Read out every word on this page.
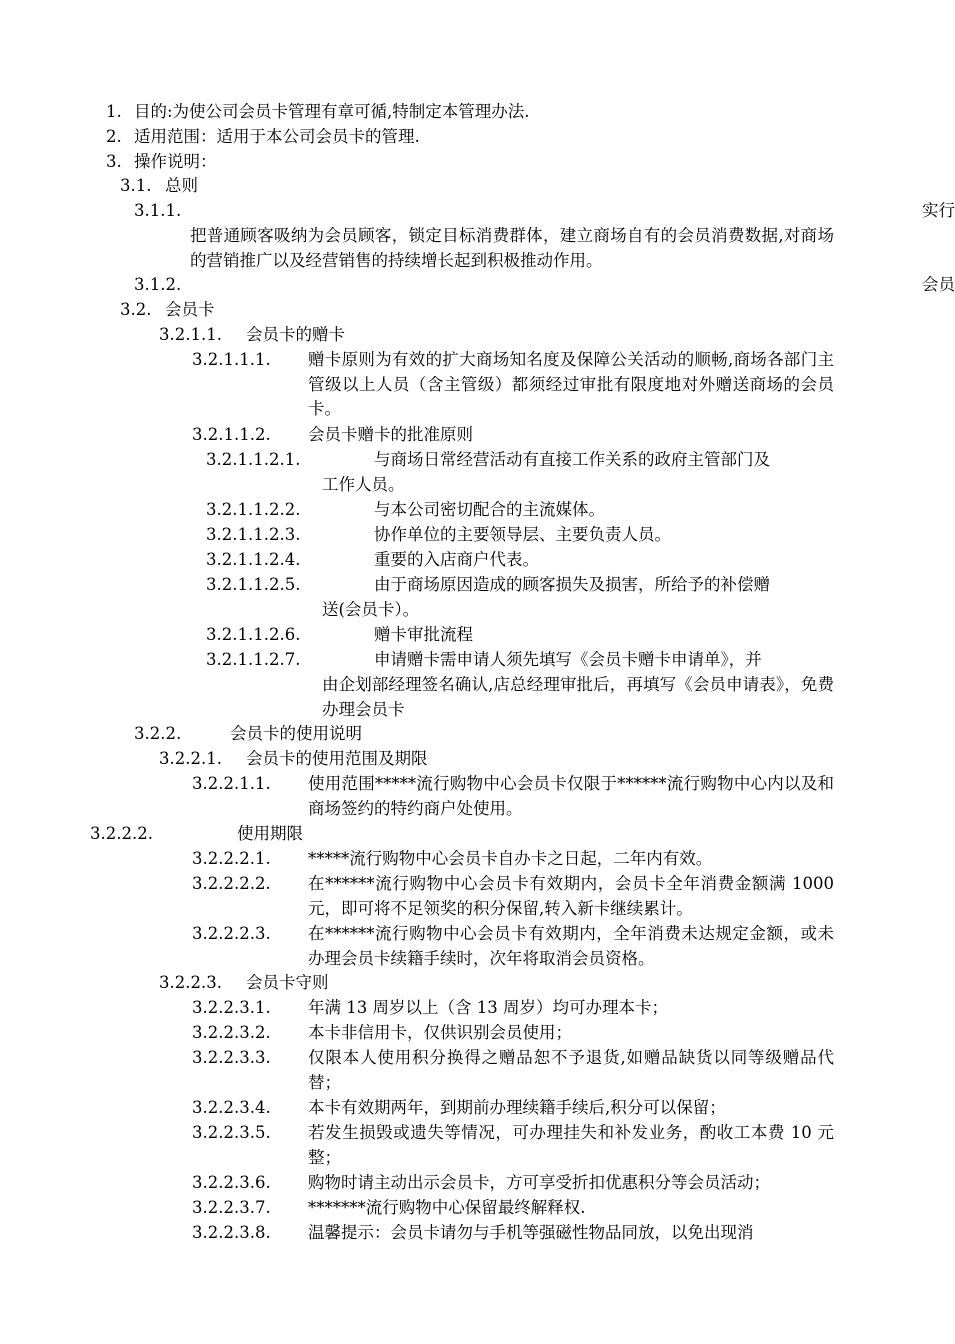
1. 目的:为使公司会员卡管理有章可循,特制定本管理办法.
2. 适用范围：适用于本公司会员卡的管理.
3. 操作说明：
3.1. 总则
3.1.1.	实行
把普通顾客吸纳为会员顾客，锁定目标消费群体，建立商场自有的会员消费数据,对商场的营销推广以及经营销售的持续增长起到积极推动作用。
3.1.2.	会员
3.2. 会员卡
3.2.1.1. 会员卡的赠卡
3.2.1.1.1. 赠卡原则为有效的扩大商场知名度及保障公关活动的顺畅,商场各部门主管级以上人员（含主管级）都须经过审批有限度地对外赠送商场的会员卡。
3.2.1.1.2. 会员卡赠卡的批准原则
3.2.1.1.2.1.	与商场日常经营活动有直接工作关系的政府主管部门及
工作人员。
3.2.1.1.2.2.	与本公司密切配合的主流媒体。
3.2.1.1.2.3.	协作单位的主要领导层、主要负责人员。
3.2.1.1.2.4.	重要的入店商户代表。
3.2.1.1.2.5.	由于商场原因造成的顾客损失及损害，所给予的补偿赠
送(会员卡）。
3.2.1.1.2.6.	赠卡审批流程
3.2.1.1.2.7.	申请赠卡需申请人须先填写《会员卡赠卡申请单》，并
由企划部经理签名确认,店总经理审批后，再填写《会员申请表》，免费办理会员卡
3.2.2.	会员卡的使用说明
3.2.2.1. 会员卡的使用范围及期限
3.2.2.1.1. 使用范围*****流行购物中心会员卡仅限于******流行购物中心内以及和商场签约的特约商户处使用。
3.2.2.2.	使用期限
3.2.2.2.1. *****流行购物中心会员卡自办卡之日起，二年内有效。
3.2.2.2.2. 在******流行购物中心会员卡有效期内，会员卡全年消费金额满 1000 元，即可将不足领奖的积分保留,转入新卡继续累计。
3.2.2.2.3. 在******流行购物中心会员卡有效期内，全年消费未达规定金额，或未办理会员卡续籍手续时，次年将取消会员资格。
3.2.2.3. 会员卡守则
3.2.2.3.1. 年满 13 周岁以上（含 13 周岁）均可办理本卡；
3.2.2.3.2. 本卡非信用卡，仅供识别会员使用；
3.2.2.3.3. 仅限本人使用积分换得之赠品恕不予退货,如赠品缺货以同等级赠品代替；
3.2.2.3.4. 本卡有效期两年，到期前办理续籍手续后,积分可以保留；
3.2.2.3.5. 若发生损毁或遗失等情况，可办理挂失和补发业务，酌收工本费 10 元整；
3.2.2.3.6. 购物时请主动出示会员卡，方可享受折扣优惠积分等会员活动；
3.2.2.3.7. *******流行购物中心保留最终解释权.
3.2.2.3.8. 温馨提示：会员卡请勿与手机等强磁性物品同放，以免出现消
